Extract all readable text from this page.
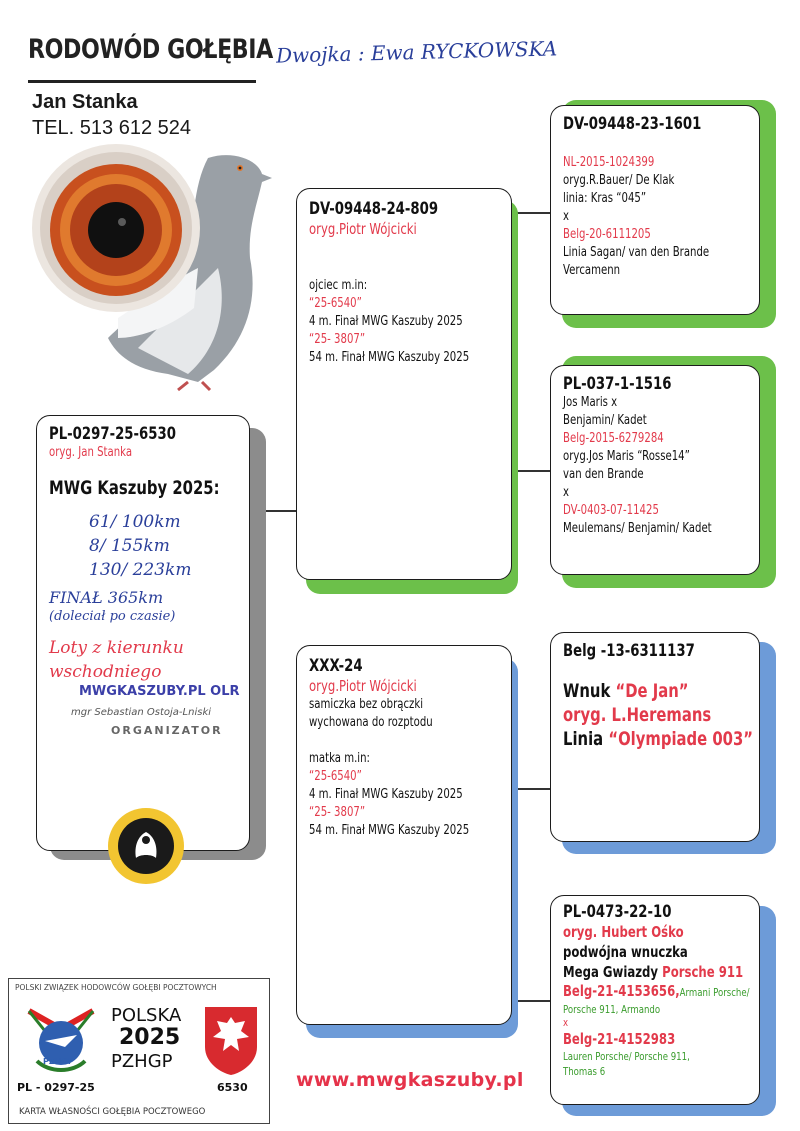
RODOWÓD GOŁĘBIA Dwojka : Ewa RYCKOWSKA
Jan Stanka
TEL. 513 612 524
PL-0297-25-6530
oryg. Jan Stanka
MWG Kaszuby 2025:
61/ 100km
8/ 155km
130/ 223km
FINAŁ 365km
(doleciał po czasie)
Loty z kierunku
wschodniego
MWGKASZUBY.PL OLR
mgr Sebastian Ostoja-Lniski
ORGANIZATOR
DV-09448-24-809
oryg.Piotr Wójcicki
ojciec m.in:
“25-6540”
4 m. Finał MWG Kaszuby 2025
“25- 3807”
54 m. Finał MWG Kaszuby 2025
XXX-24
oryg.Piotr Wójcicki
samiczka bez obrączki
wychowana do rozptodu
matka m.in:
“25-6540”
4 m. Finał MWG Kaszuby 2025
“25- 3807”
54 m. Finał MWG Kaszuby 2025
DV-09448-23-1601
NL-2015-1024399
oryg.R.Bauer/ De Klak
linia: Kras “045”
x
Belg-20-6111205
Linia Sagan/ van den Brande
Vercamenn
PL-037-1-1516
Jos Maris x
Benjamin/ Kadet
Belg-2015-6279284
oryg.Jos Maris “Rosse14”
van den Brande
x
DV-0403-07-11425
Meulemans/ Benjamin/ Kadet
Belg -13-6311137
Wnuk “De Jan”
oryg. L.Heremans
Linia “Olympiade 003”
PL-0473-22-10
oryg. Hubert Ośko
podwójna wnuczka
Mega Gwiazdy Porsche 911
Belg-21-4153656,Armani Porsche/
Porsche 911, Armando
x
Belg-21-4152983
Lauren Porsche/ Porsche 911,
Thomas 6
POLSKI ZWIĄZEK HODOWCÓW GOŁĘBI POCZTOWYCH
PZHGP
POLSKA
2025
PZHGP
PL - 0297-25	6530
KARTA WŁASNOŚCI GOŁĘBIA POCZTOWEGO
www.mwgkaszuby.pl
